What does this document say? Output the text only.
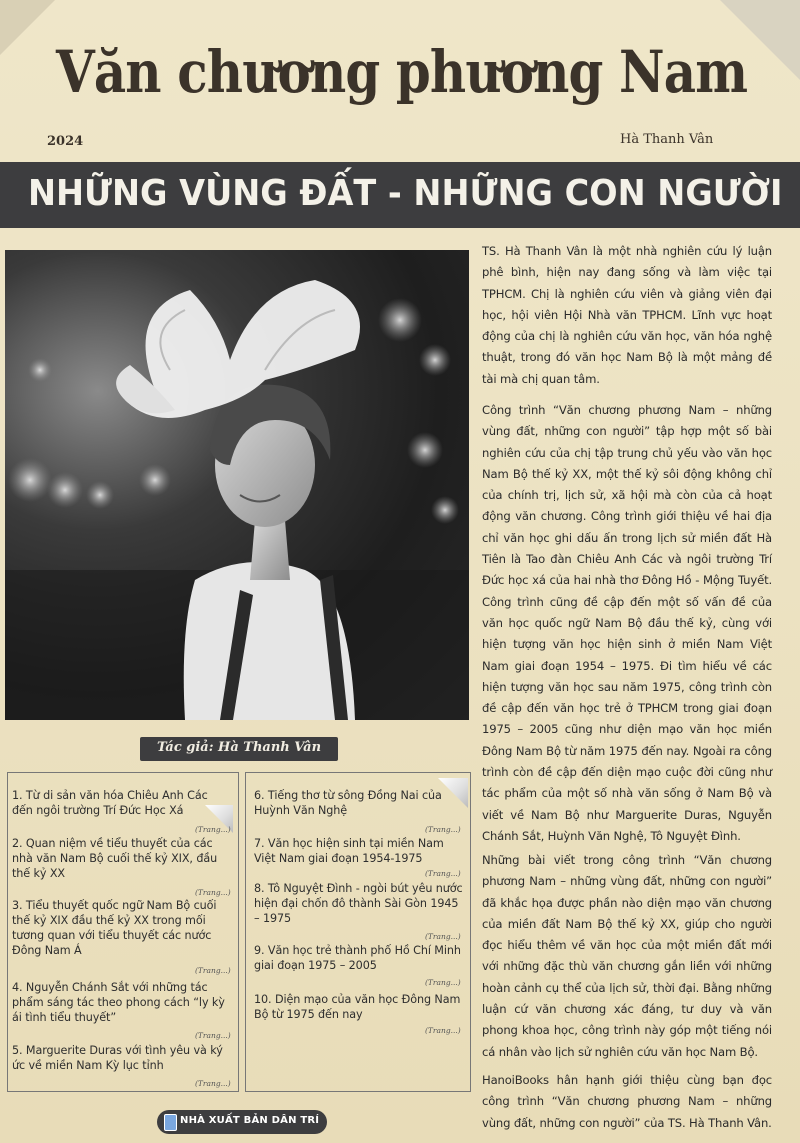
Văn chương phương Nam
2024	Hà Thanh Vân
NHỮNG VÙNG ĐẤT - NHỮNG CON NGƯỜI
Tác giả: Hà Thanh Vân
1. Từ di sản văn hóa Chiêu Anh Các đến ngôi trường Trí Đức Học Xá
(Trang...)
2. Quan niệm về tiểu thuyết của các nhà văn Nam Bộ cuối thế kỷ XIX, đầu thế kỷ XX
(Trang...)
3. Tiểu thuyết quốc ngữ Nam Bộ cuối thế kỷ XIX đầu thế kỷ XX trong mối tương quan với tiểu thuyết các nước Đông Nam Á
(Trang...)
4. Nguyễn Chánh Sắt với những tác phẩm sáng tác theo phong cách “ly kỳ ái tình tiểu thuyết”
(Trang...)
5. Marguerite Duras với tình yêu và ký ức về miền Nam Kỳ lục tỉnh
(Trang...)
6. Tiếng thơ từ sông Đồng Nai của Huỳnh Văn Nghệ
(Trang...)
7. Văn học hiện sinh tại miền Nam Việt Nam giai đoạn 1954-1975
(Trang...)
8. Tô Nguyệt Đình - ngòi bút yêu nước hiện đại chốn đô thành Sài Gòn 1945 – 1975
(Trang...)
9. Văn học trẻ thành phố Hồ Chí Minh giai đoạn 1975 – 2005
(Trang...)
10. Diện mạo của văn học Đông Nam Bộ từ 1975 đến nay
(Trang...)
NHÀ XUẤT BẢN DÂN TRÍ
TS. Hà Thanh Vân là một nhà nghiên cứu lý luận phê bình, hiện nay đang sống và làm việc tại TPHCM. Chị là nghiên cứu viên và giảng viên đại học, hội viên Hội Nhà văn TPHCM. Lĩnh vực hoạt động của chị là nghiên cứu văn học, văn hóa nghệ thuật, trong đó văn học Nam Bộ là một mảng đề tài mà chị quan tâm.
Công trình “Văn chương phương Nam – những vùng đất, những con người” tập hợp một số bài nghiên cứu của chị tập trung chủ yếu vào văn học Nam Bộ thế kỷ XX, một thế kỷ sôi động không chỉ của chính trị, lịch sử, xã hội mà còn của cả hoạt động văn chương. Công trình giới thiệu về hai địa chỉ văn học ghi dấu ấn trong lịch sử miền đất Hà Tiên là Tao đàn Chiêu Anh Các và ngôi trường Trí Đức học xá của hai nhà thơ Đông Hồ - Mộng Tuyết. Công trình cũng đề cập đến một số vấn đề của văn học quốc ngữ Nam Bộ đầu thế kỷ, cùng với hiện tượng văn học hiện sinh ở miền Nam Việt Nam giai đoạn 1954 – 1975. Đi tìm hiểu về các hiện tượng văn học sau năm 1975, công trình còn đề cập đến văn học trẻ ở TPHCM trong giai đoạn 1975 – 2005 cũng như diện mạo văn học miền Đông Nam Bộ từ năm 1975 đến nay. Ngoài ra công trình còn đề cập đến diện mạo cuộc đời cũng như tác phẩm của một số nhà văn sống ở Nam Bộ và viết về Nam Bộ như Marguerite Duras, Nguyễn Chánh Sắt, Huỳnh Văn Nghệ, Tô Nguyệt Đình.
Những bài viết trong công trình “Văn chương phương Nam – những vùng đất, những con người” đã khắc họa được phần nào diện mạo văn chương của miền đất Nam Bộ thế kỷ XX, giúp cho người đọc hiểu thêm về văn học của một miền đất mới với những đặc thù văn chương gắn liền với những hoàn cảnh cụ thể của lịch sử, thời đại. Bằng những luận cứ văn chương xác đáng, tư duy và văn phong khoa học, công trình này góp một tiếng nói cá nhân vào lịch sử nghiên cứu văn học Nam Bộ.
HanoiBooks hân hạnh giới thiệu cùng bạn đọc công trình “Văn chương phương Nam – những vùng đất, những con người” của TS. Hà Thanh Vân.
